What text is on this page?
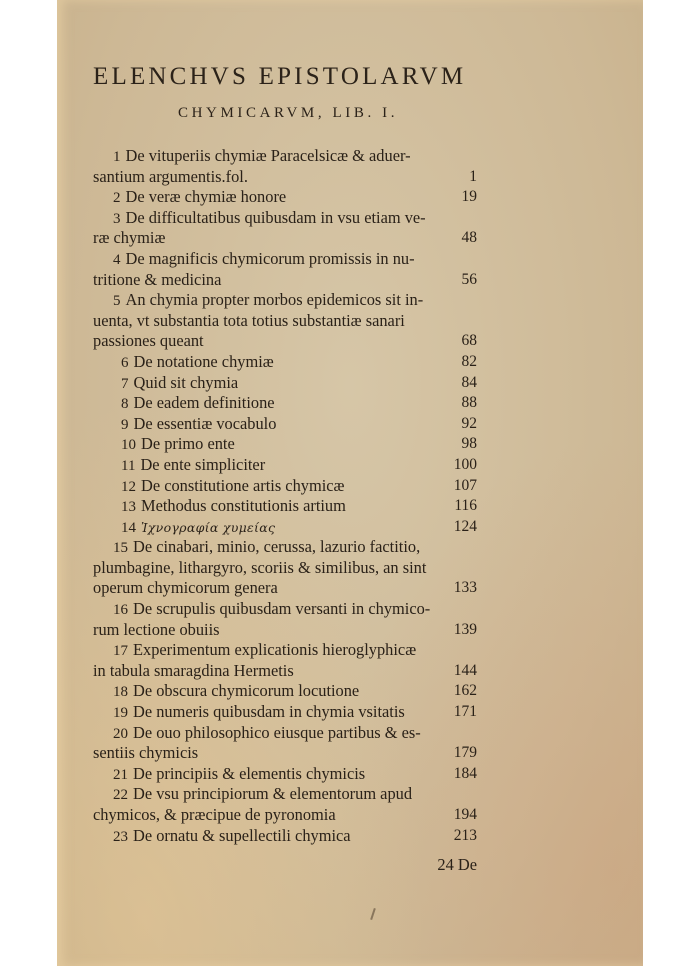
ELENCHVS EPISTOLARVM
CHYMICARVM, LIB. I.
1 De vituperiis chymiæ Paracelsicæ & aduer-
santium argumentis.fol.	1
2 De veræ chymiæ honore	19
3 De difficultatibus quibusdam in vsu etiam ve-
ræ chymiæ	48
4 De magnificis chymicorum promissis in nu-
tritione & medicina	56
5 An chymia propter morbos epidemicos sit in-
uenta, vt substantia tota totius substantiæ sanari
passiones queant	68
6 De notatione chymiæ	82
7 Quid sit chymia	84
8 De eadem definitione	88
9 De essentiæ vocabulo	92
10 De primo ente	98
11 De ente simpliciter	100
12 De constitutione artis chymicæ	107
13 Methodus constitutionis artium	116
14 Ἰχνογραφία χυμείας	124
15 De cinabari, minio, cerussa, lazurio factitio,
plumbagine, lithargyro, scoriis & similibus, an sint
operum chymicorum genera	133
16 De scrupulis quibusdam versanti in chymico-
rum lectione obuiis	139
17 Experimentum explicationis hieroglyphicæ
in tabula smaragdina Hermetis	144
18 De obscura chymicorum locutione	162
19 De numeris quibusdam in chymia vsitatis	171
20 De ouo philosophico eiusque partibus & es-
sentiis chymicis	179
21 De principiis & elementis chymicis	184
22 De vsu principiorum & elementorum apud
chymicos, & præcipue de pyronomia	194
23 De ornatu & supellectili chymica	213
24 De
